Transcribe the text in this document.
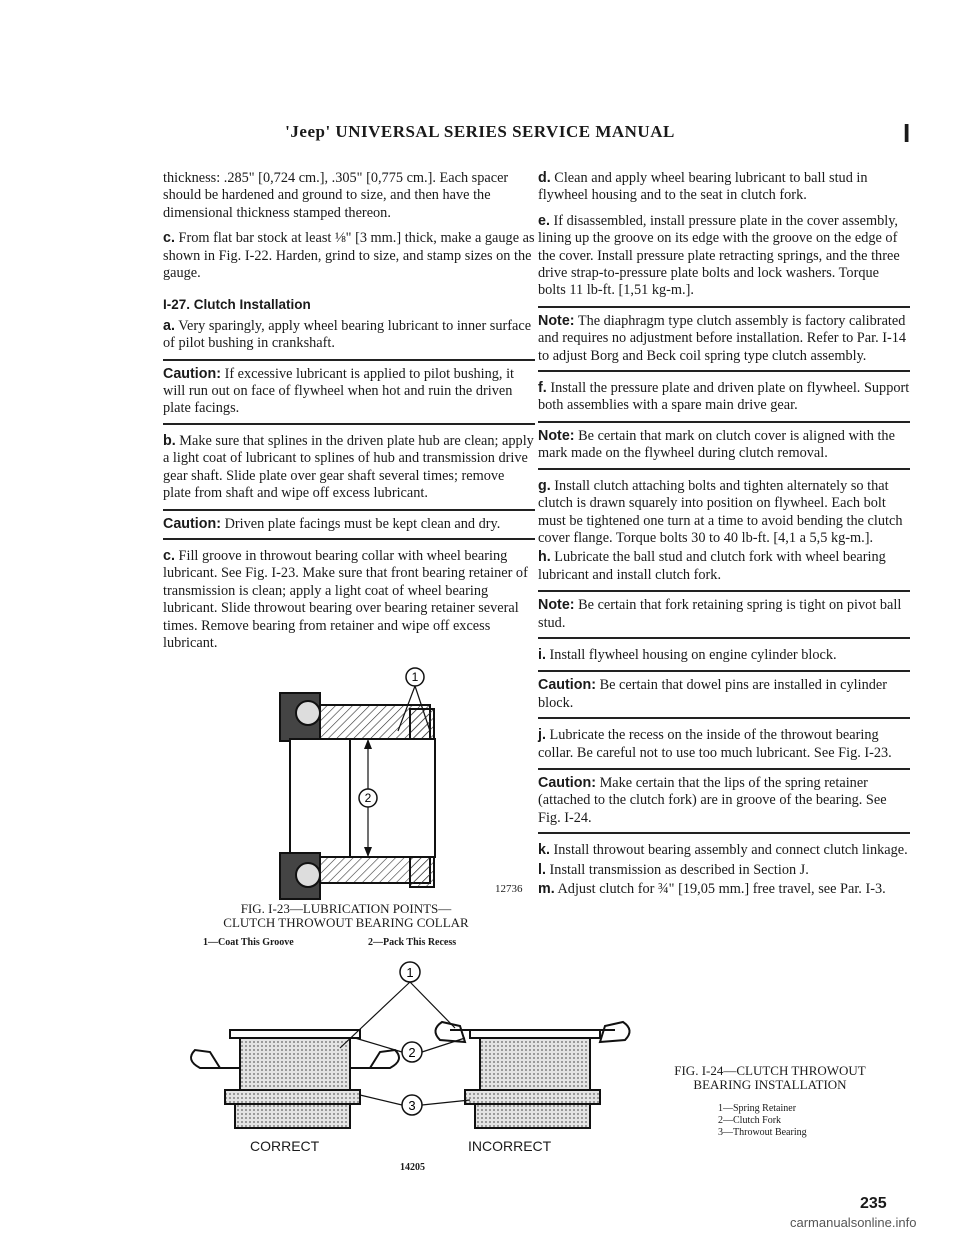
'Jeep' UNIVERSAL SERIES SERVICE MANUAL	I

thickness: .285" [0,724 cm.], .305" [0,775 cm.]. Each spacer should be hardened and ground to size, and then have the dimensional thickness stamped thereon.

c. From flat bar stock at least ⅛" [3 mm.] thick, make a gauge as shown in Fig. I-22. Harden, grind to size, and stamp sizes on the gauge.

I-27. Clutch Installation

a. Very sparingly, apply wheel bearing lubricant to inner surface of pilot bushing in crankshaft.

Caution: If excessive lubricant is applied to pilot bushing, it will run out on face of flywheel when hot and ruin the driven plate facings.

b. Make sure that splines in the driven plate hub are clean; apply a light coat of lubricant to splines of hub and transmission drive gear shaft. Slide plate over gear shaft several times; remove plate from shaft and wipe off excess lubricant.

Caution: Driven plate facings must be kept clean and dry.

c. Fill groove in throwout bearing collar with wheel bearing lubricant. See Fig. I-23. Make sure that front bearing retainer of transmission is clean; apply a light coat of wheel bearing lubricant. Slide throwout bearing over bearing retainer several times. Remove bearing from retainer and wipe off excess lubricant.

d. Clean and apply wheel bearing lubricant to ball stud in flywheel housing and to the seat in clutch fork.

e. If disassembled, install pressure plate in the cover assembly, lining up the groove on its edge with the groove on the edge of the cover. Install pressure plate retracting springs, and the three drive strap-to-pressure plate bolts and lock washers. Torque bolts 11 lb-ft. [1,51 kg-m.].

Note: The diaphragm type clutch assembly is factory calibrated and requires no adjustment before installation. Refer to Par. I-14 to adjust Borg and Beck coil spring type clutch assembly.

f. Install the pressure plate and driven plate on flywheel. Support both assemblies with a spare main drive gear.

Note: Be certain that mark on clutch cover is aligned with the mark made on the flywheel during clutch removal.

g. Install clutch attaching bolts and tighten alternately so that clutch is drawn squarely into position on flywheel. Each bolt must be tightened one turn at a time to avoid bending the clutch cover flange. Torque bolts 30 to 40 lb-ft. [4,1 a 5,5 kg-m.].

h. Lubricate the ball stud and clutch fork with wheel bearing lubricant and install clutch fork.

Note: Be certain that fork retaining spring is tight on pivot ball stud.

i. Install flywheel housing on engine cylinder block.

Caution: Be certain that dowel pins are installed in cylinder block.

j. Lubricate the recess on the inside of the throwout bearing collar. Be careful not to use too much lubricant. See Fig. I-23.

Caution: Make certain that the lips of the spring retainer (attached to the clutch fork) are in groove of the bearing. See Fig. I-24.

k. Install throwout bearing assembly and connect clutch linkage.

l. Install transmission as described in Section J.

m. Adjust clutch for ¾" [19,05 mm.] free travel, see Par. I-3.

1
2
12736
FIG. I-23—LUBRICATION POINTS—
CLUTCH THROWOUT BEARING COLLAR
1—Coat This Groove	2—Pack This Recess
1
2
3
CORRECT	INCORRECT
14205
FIG. I-24—CLUTCH THROWOUT
BEARING INSTALLATION
1—Spring Retainer
2—Clutch Fork
3—Throwout Bearing
235
carmanualsonline.info
